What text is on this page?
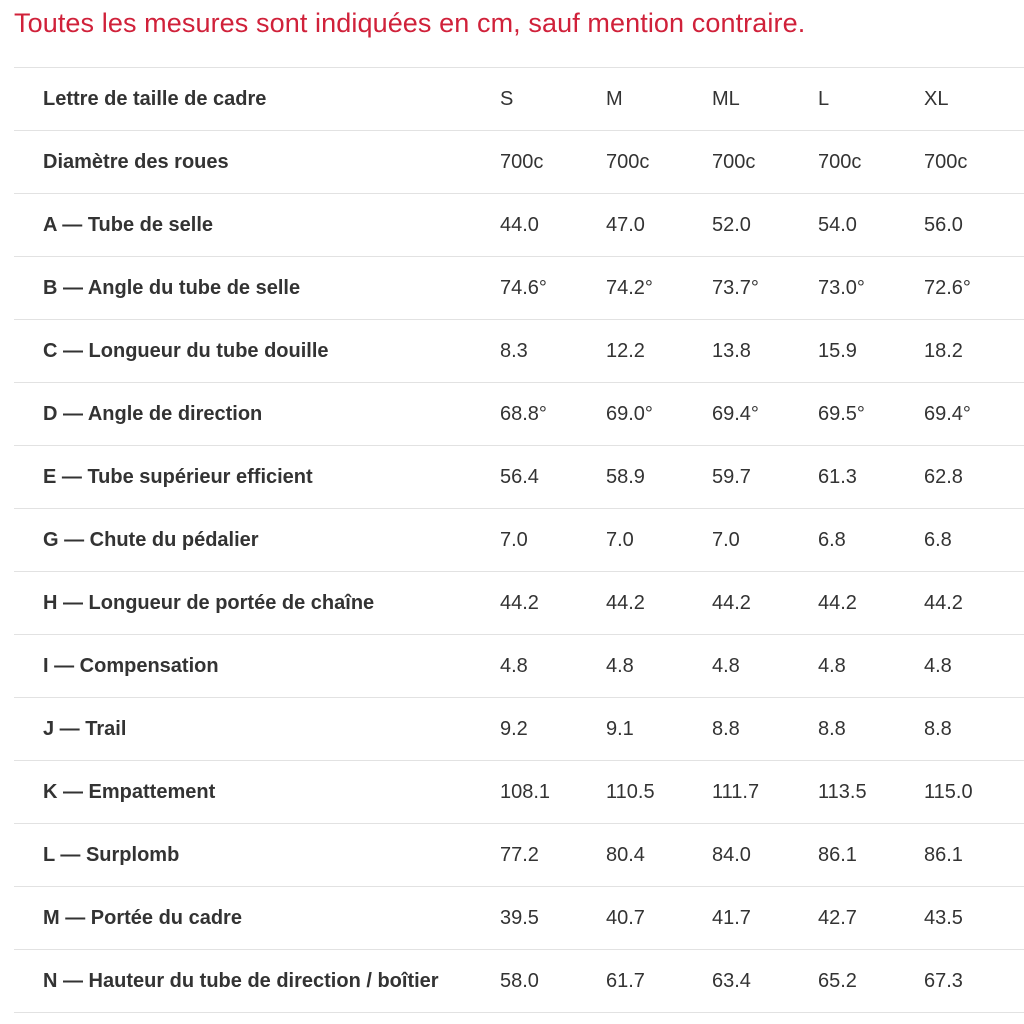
Toutes les mesures sont indiquées en cm, sauf mention contraire.
Lettre de taille de cadre	S	M	ML	L	XL
Diamètre des roues	700c	700c	700c	700c	700c
A — Tube de selle	44.0	47.0	52.0	54.0	56.0
B — Angle du tube de selle	74.6°	74.2°	73.7°	73.0°	72.6°
C — Longueur du tube douille	8.3	12.2	13.8	15.9	18.2
D — Angle de direction	68.8°	69.0°	69.4°	69.5°	69.4°
E — Tube supérieur efficient	56.4	58.9	59.7	61.3	62.8
G — Chute du pédalier	7.0	7.0	7.0	6.8	6.8
H — Longueur de portée de chaîne	44.2	44.2	44.2	44.2	44.2
I — Compensation	4.8	4.8	4.8	4.8	4.8
J — Trail	9.2	9.1	8.8	8.8	8.8
K — Empattement	108.1	110.5	111.7	113.5	115.0
L — Surplomb	77.2	80.4	84.0	86.1	86.1
M — Portée du cadre	39.5	40.7	41.7	42.7	43.5
N — Hauteur du tube de direction / boîtier	58.0	61.7	63.4	65.2	67.3
